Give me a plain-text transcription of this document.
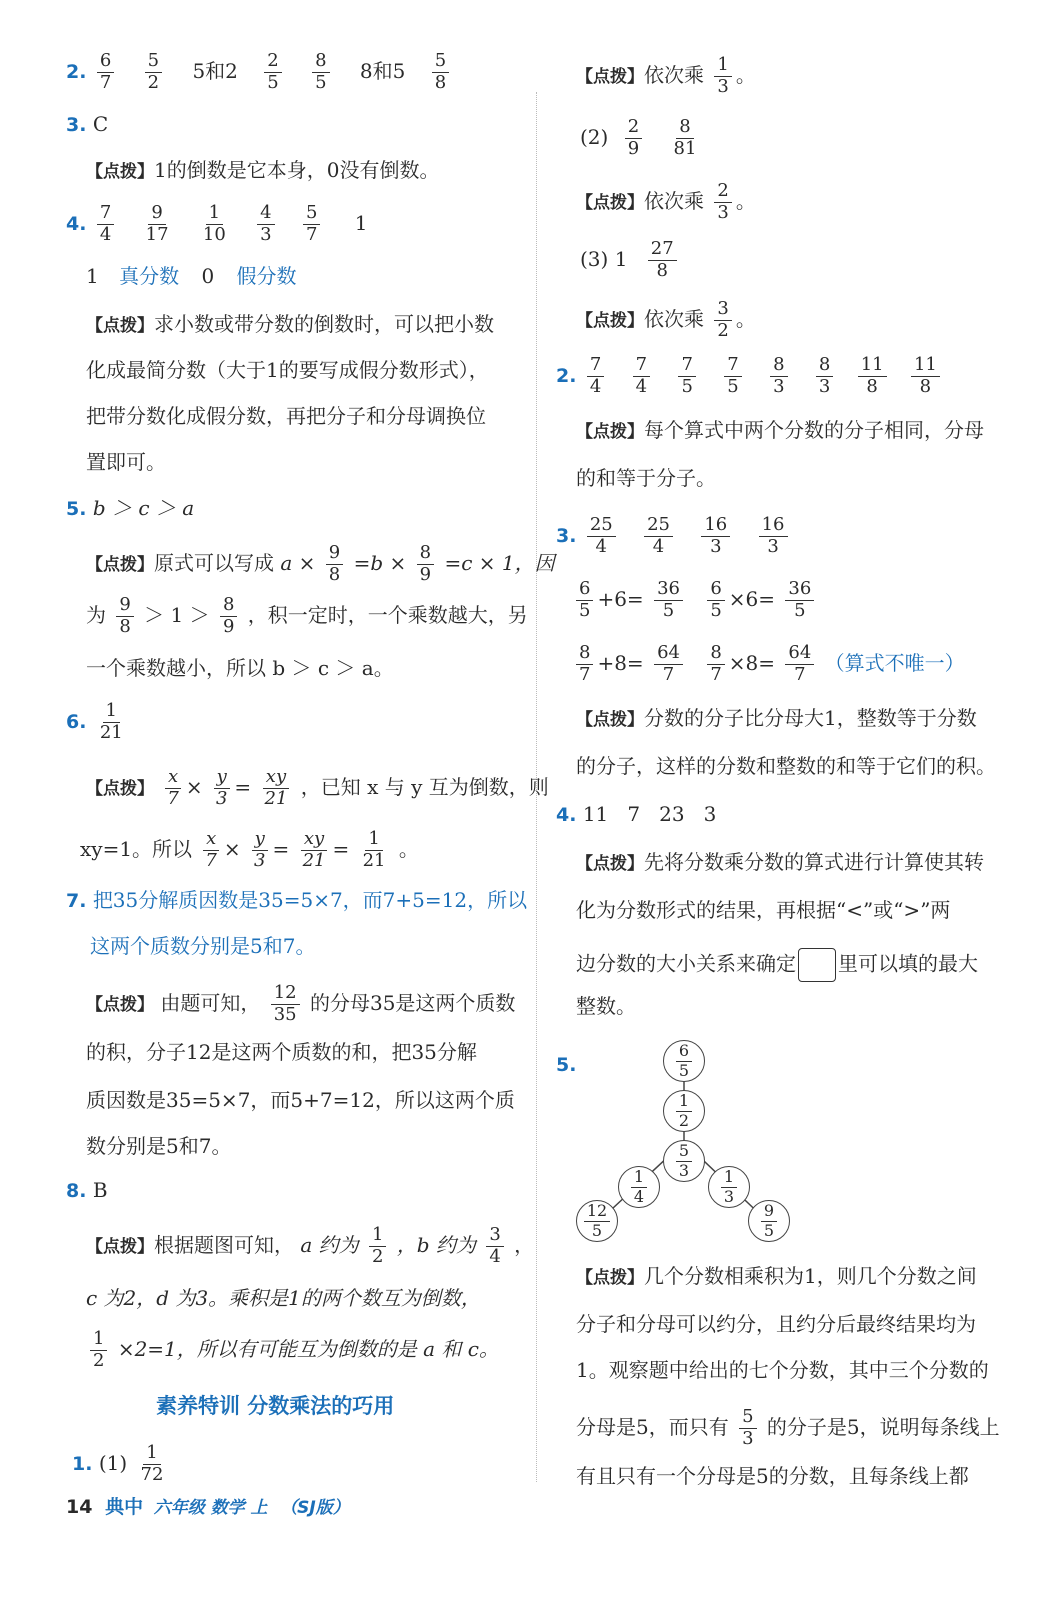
2. $\frac{6}{7}$
$\frac{5}{2} 5$和$2 \frac{2}{5}$
$\frac{8}{5} 8$和$5 \frac{5}{8}$
3. C
【点拨】1的倒数是它本身，0没有倒数。
4. $\frac{7}{4}$
$\frac{9}{17}$
$\frac{1}{10}$
$\frac{4}{3}$
$\frac{5}{7} 1$
1 真分数 0 假分数
【点拨】求小数或带分数的倒数时，可以把小数
化成最简分数（大于1的要写成假分数形式），
把带分数化成假分数，再把分子和分母调换位
置即可。
5. b ＞ c ＞ a
【点拨】原式可以写成 $a \times \frac{9}{8} =b \times \frac{8}{9} =c \times 1$，因
为 $\frac{9}{8} > 1 > \frac{8}{9}$ ，积一定时，一个乘数越大，另
一个乘数越小，所以 b ＞ c ＞ a。
6. $\frac{1}{21}$
【点拨】 $\frac{x}{7} \times \frac{y}{3} = \frac{xy}{21}$ ，已知 x 与 y 互为倒数，则
xy=1。所以 $\frac{x}{7} \times \frac{y}{3} = \frac{xy}{21} = \frac{1}{21}$ 。
7. 把35分解质因数是35=5×7，而7+5=12，所以
这两个质数分别是5和7。
【点拨】 由题可知， $\frac{12}{35}$ 的分母35是这两个质数
的积，分子12是这两个质数的和，把35分解
质因数是35=5×7，而5+7=12，所以这两个质
数分别是5和7。
8. B
【点拨】根据题图可知， a 约为 $\frac{1}{2}$ ，b 约为 $\frac{3}{4}$ ，
c 为2，d 为3。乘积是1的两个数互为倒数，
$\frac{1}{2} \times 2=1$，所以有可能互为倒数的是 a 和 c。
素养特训 分数乘法的巧用
1. $(1) \frac{1}{72}$
14 典中 六年级 数学 上 （SJ版）
【点拨】依次乘 $\frac{1}{3}$ 。
$(2) \frac{2}{9}$
$\frac{8}{81}$
【点拨】依次乘 $\frac{2}{3}$ 。
(3) $1 \frac{27}{8}$
【点拨】依次乘 $\frac{3}{2}$ 。
2. $\frac{7}{4}$
$\frac{7}{4}$
$\frac{7}{5}$
$\frac{7}{5}$
$\frac{8}{3}$
$\frac{8}{3}$
$\frac{11}{8}$
$\frac{11}{8}$
【点拨】每个算式中两个分数的分子相同，分母
的和等于分子。
3. $\frac{25}{4}$
$\frac{25}{4}$
$\frac{16}{3}$
$\frac{16}{3}$
$\frac{6}{5} +6= \frac{36}{5}$
$\frac{6}{5} \times 6= \frac{36}{5}$
$\frac{8}{7} +8= \frac{64}{7}$
$\frac{8}{7} \times 8= \frac{64}{7}$ （算式不唯一）
【点拨】分数的分子比分母大1，整数等于分数
的分子，这样的分数和整数的和等于它们的积。
4. 11   7   23   3
【点拨】先将分数乘分数的算式进行计算使其转
化为分数形式的结果，再根据“<”或“>”两
边分数的大小关系来确定 里可以填的最大
整数。
5.	$\frac{6}{5}$
$\frac{1}{2}$
$\frac{5}{3}$
$\frac{1}{4}$
$\frac{12}{5}$
$\frac{1}{3}$
$\frac{9}{5}$
【点拨】几个分数相乘积为1，则几个分数之间
分子和分母可以约分，且约分后最终结果均为
1。观察题中给出的七个分数，其中三个分数的
分母是5，而只有 $\frac{5}{3}$ 的分子是5，说明每条线上
有且只有一个分母是5的分数，且每条线上都
